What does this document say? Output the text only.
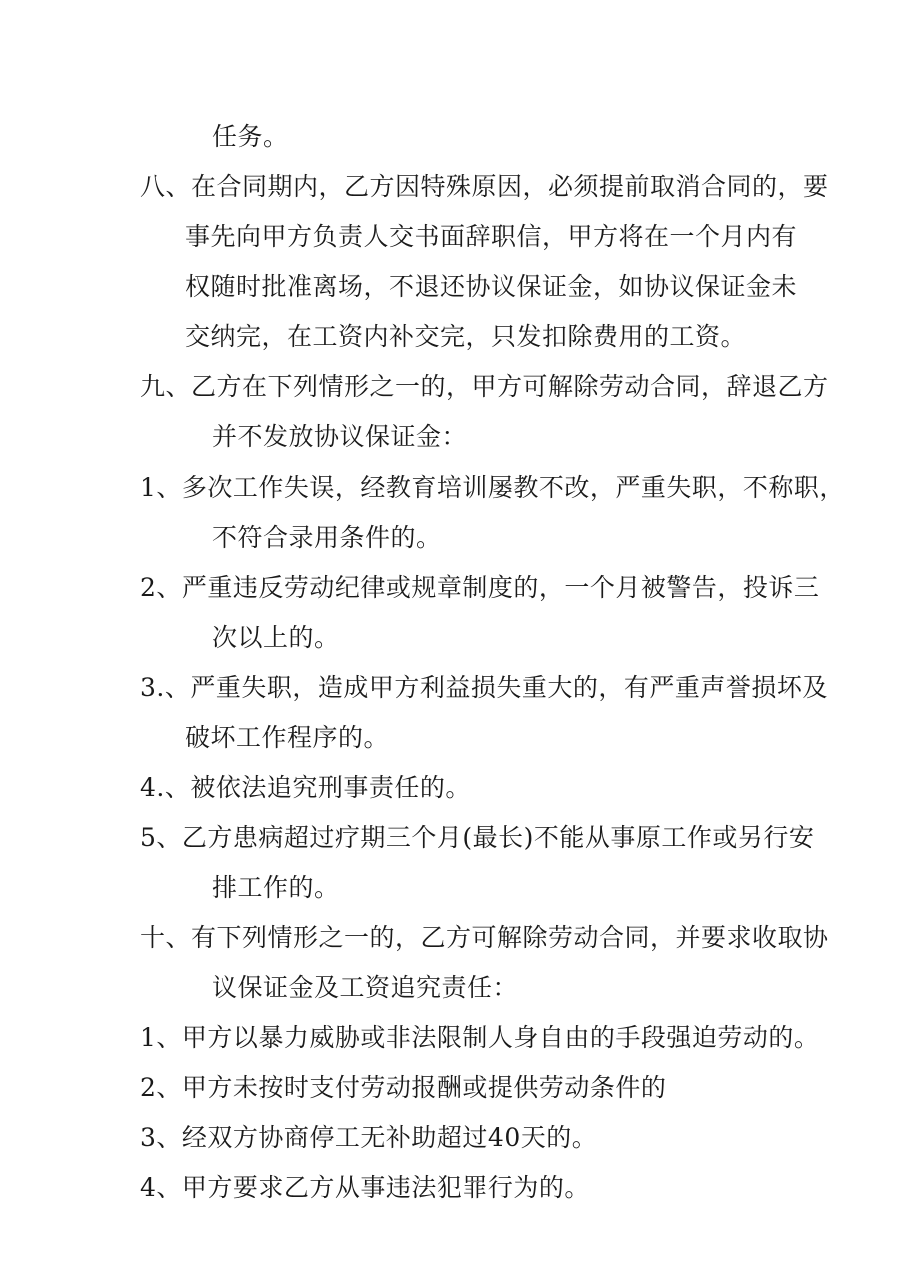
任务。
八、在合同期内，乙方因特殊原因，必须提前取消合同的，要
事先向甲方负责人交书面辞职信，甲方将在一个月内有
权随时批准离场，不退还协议保证金，如协议保证金未
交纳完，在工资内补交完，只发扣除费用的工资。
九、乙方在下列情形之一的，甲方可解除劳动合同，辞退乙方
并不发放协议保证金：
1、多次工作失误，经教育培训屡教不改，严重失职，不称职，
不符合录用条件的。
2、严重违反劳动纪律或规章制度的，一个月被警告，投诉三
次以上的。
3.、严重失职，造成甲方利益损失重大的，有严重声誉损坏及
破坏工作程序的。
4.、被依法追究刑事责任的。
5、乙方患病超过疗期三个月(最长)不能从事原工作或另行安
排工作的。
十、有下列情形之一的，乙方可解除劳动合同，并要求收取协
议保证金及工资追究责任：
1、甲方以暴力威胁或非法限制人身自由的手段强迫劳动的。
2、甲方未按时支付劳动报酬或提供劳动条件的
3、经双方协商停工无补助超过40天的。
4、甲方要求乙方从事违法犯罪行为的。
